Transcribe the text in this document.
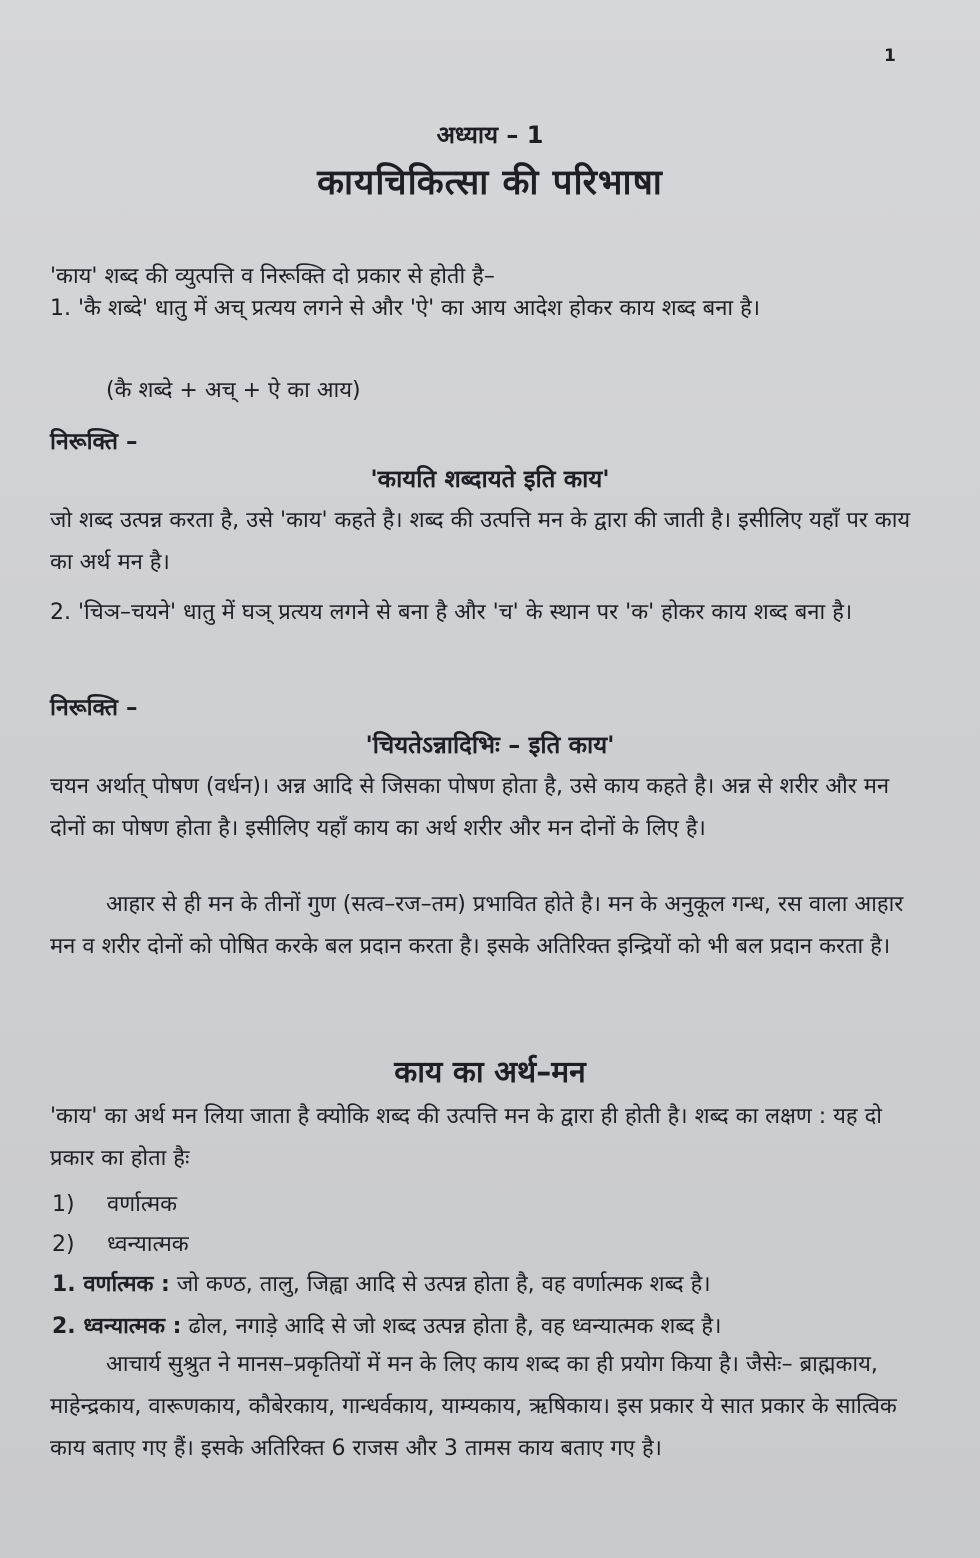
1
अध्याय – 1
कायचिकित्सा की परिभाषा
'काय' शब्द की व्युत्पत्ति व निरूक्ति दो प्रकार से होती है–
1. 'कै शब्दे' धातु में अच् प्रत्यय लगने से और 'ऐ' का आय आदेश होकर काय शब्द बना है।
(कै शब्दे + अच् + ऐ का आय)
निरूक्ति –
'कायति शब्दायते इति काय'
जो शब्द उत्पन्न करता है, उसे 'काय' कहते है। शब्द की उत्पत्ति मन के द्वारा की जाती है। इसीलिए यहाँ पर काय का अर्थ मन है।
2. 'चिञ–चयने' धातु में घञ् प्रत्यय लगने से बना है और 'च' के स्थान पर 'क' होकर काय शब्द बना है।
निरूक्ति –
'चियतेऽन्नादिभिः – इति काय'
चयन अर्थात् पोषण (वर्धन)। अन्न आदि से जिसका पोषण होता है, उसे काय कहते है। अन्न से शरीर और मन दोनों का पोषण होता है। इसीलिए यहाँ काय का अर्थ शरीर और मन दोनों के लिए है।
आहार से ही मन के तीनों गुण (सत्व–रज–तम) प्रभावित होते है। मन के अनुकूल गन्ध, रस वाला आहार मन व शरीर दोनों को पोषित करके बल प्रदान करता है। इसके अतिरिक्त इन्द्रियों को भी बल प्रदान करता है।
काय का अर्थ–मन
'काय' का अर्थ मन लिया जाता है क्योकि शब्द की उत्पत्ति मन के द्वारा ही होती है। शब्द का लक्षण : यह दो प्रकार का होता हैः
1) वर्णात्मक
2) ध्वन्यात्मक
1. वर्णात्मक : जो कण्ठ, तालु, जिह्वा आदि से उत्पन्न होता है, वह वर्णात्मक शब्द है।
2. ध्वन्यात्मक : ढोल, नगाड़े आदि से जो शब्द उत्पन्न होता है, वह ध्वन्यात्मक शब्द है।
आचार्य सुश्रुत ने मानस–प्रकृतियों में मन के लिए काय शब्द का ही प्रयोग किया है। जैसेः– ब्राह्मकाय, माहेन्द्रकाय, वारूणकाय, कौबेरकाय, गान्धर्वकाय, याम्यकाय, ऋषिकाय। इस प्रकार ये सात प्रकार के सात्विक काय बताए गए हैं। इसके अतिरिक्त 6 राजस और 3 तामस काय बताए गए है।
